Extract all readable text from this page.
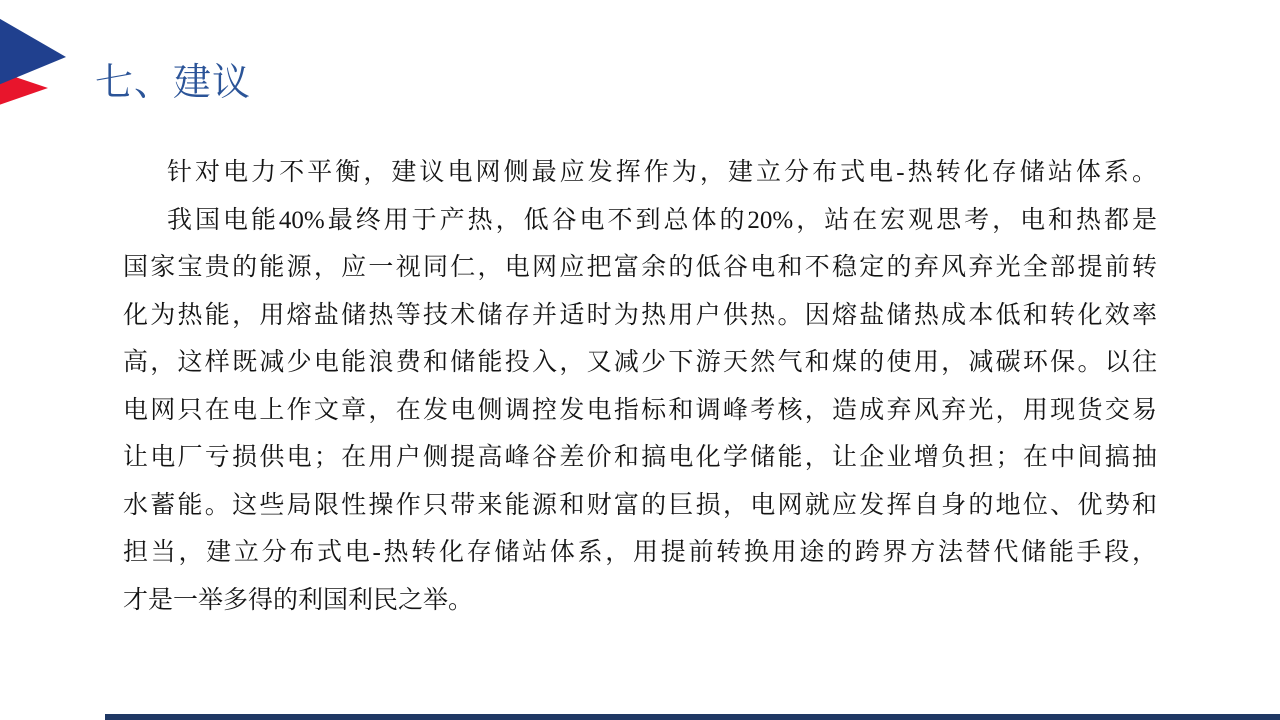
七、建议
针对电力不平衡，建议电网侧最应发挥作为，建立分布式电-热转化存储站体系。
我国电能40%最终用于产热，低谷电不到总体的20%，站在宏观思考，电和热都是
国家宝贵的能源，应一视同仁，电网应把富余的低谷电和不稳定的弃风弃光全部提前转
化为热能，用熔盐储热等技术储存并适时为热用户供热。因熔盐储热成本低和转化效率
高，这样既减少电能浪费和储能投入，又减少下游天然气和煤的使用，减碳环保。以往
电网只在电上作文章，在发电侧调控发电指标和调峰考核，造成弃风弃光，用现货交易
让电厂亏损供电；在用户侧提高峰谷差价和搞电化学储能，让企业增负担；在中间搞抽
水蓄能。这些局限性操作只带来能源和财富的巨损，电网就应发挥自身的地位、优势和
担当，建立分布式电-热转化存储站体系，用提前转换用途的跨界方法替代储能手段，
才是一举多得的利国利民之举。
